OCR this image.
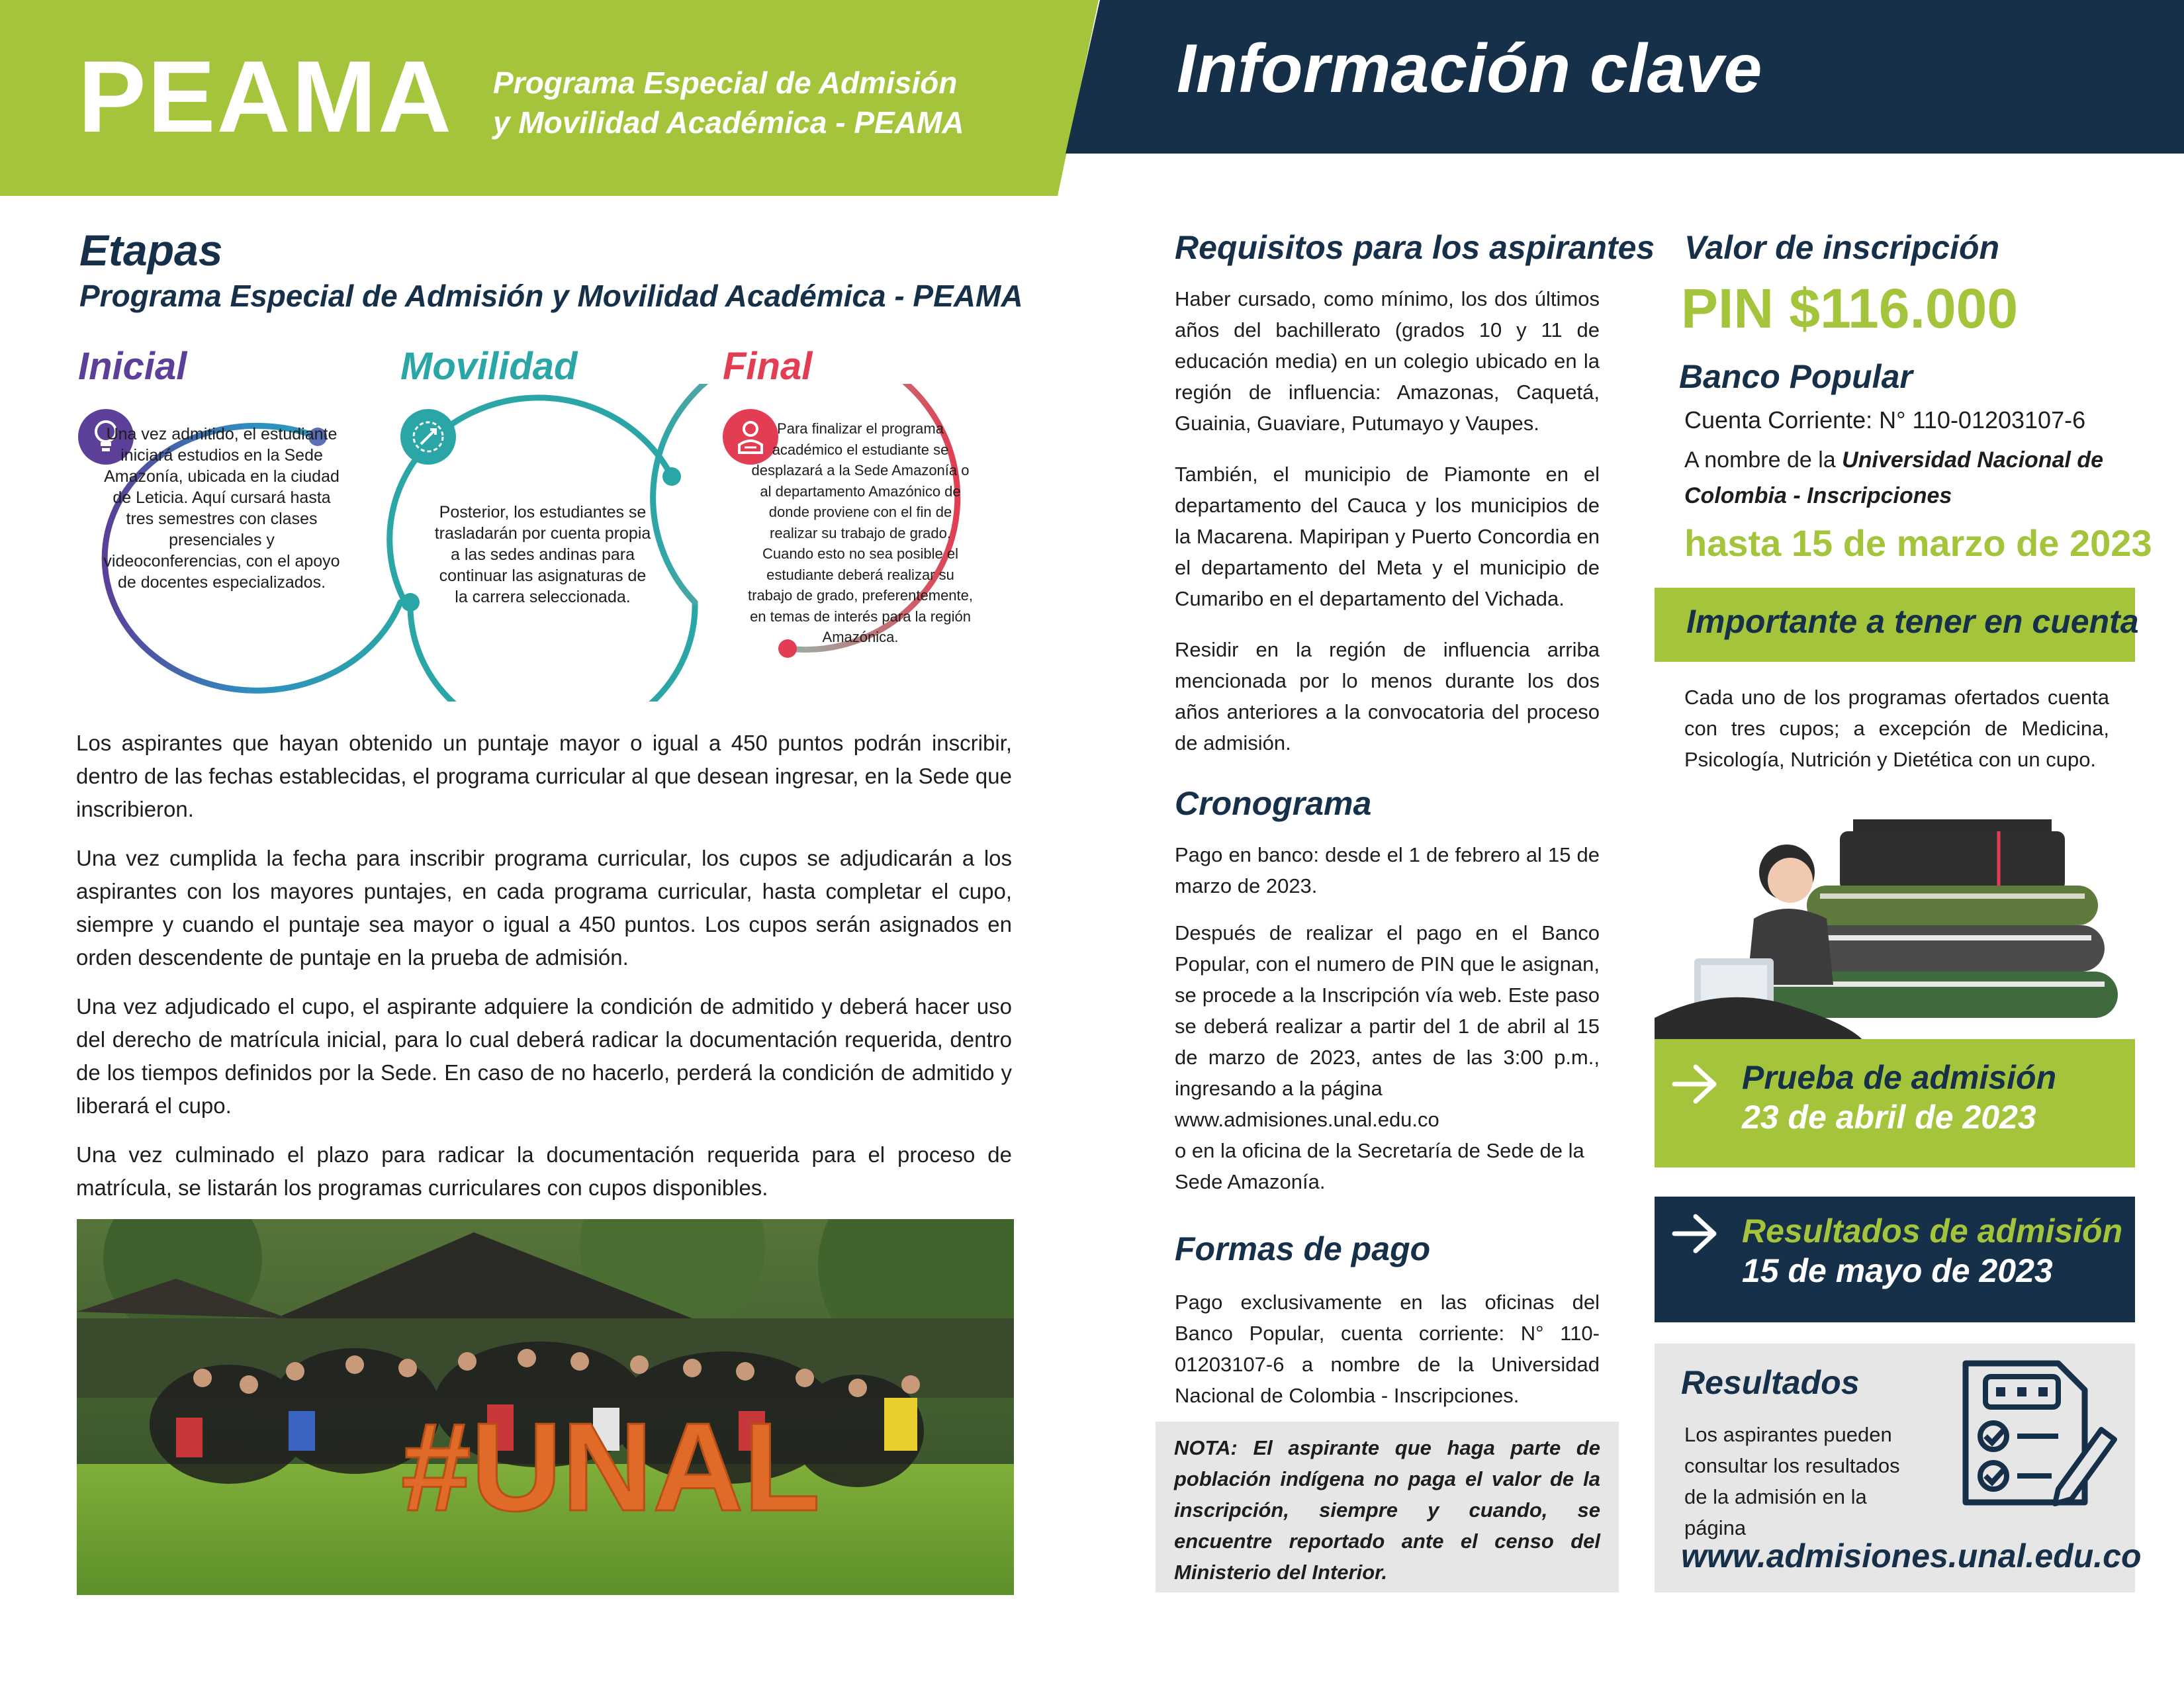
PEAMA Programa Especial de Admisión
y Movilidad Académica - PEAMA
Información clave
Etapas
Programa Especial de Admisión y Movilidad Académica - PEAMA
Inicial
Una vez admitido, el estudiante iniciará estudios en la Sede Amazonía, ubicada en la ciudad de Leticia. Aquí cursará hasta tres semestres con clases presenciales y videoconferencias, con el apoyo de docentes especializados.
Movilidad
Posterior, los estudiantes se trasladarán por cuenta propia a las sedes andinas para continuar las asignaturas de la carrera seleccionada.
Final
Para finalizar el programa académico el estudiante se desplazará a la Sede Amazonía o al departamento Amazónico de donde proviene con el fin de realizar su trabajo de grado. Cuando esto no sea posible el estudiante deberá realizar su trabajo de grado, preferentemente, en temas de interés para la región Amazónica.

Los aspirantes que hayan obtenido un puntaje mayor o igual a 450 puntos podrán inscribir, dentro de las fechas establecidas, el programa curricular al que desean ingresar, en la Sede que inscribieron.

Una vez cumplida la fecha para inscribir programa curricular, los cupos se adjudicarán a los aspirantes con los mayores puntajes, en cada programa curricular, hasta completar el cupo, siempre y cuando el puntaje sea mayor o igual a 450 puntos. Los cupos serán asignados en orden descendente de puntaje en la prueba de admisión.

Una vez adjudicado el cupo, el aspirante adquiere la condición de admitido y deberá hacer uso del derecho de matrícula inicial, para lo cual deberá radicar la documentación requerida, dentro de los tiempos definidos por la Sede. En caso de no hacerlo, perderá la condición de admitido y liberará el cupo.

Una vez culminado el plazo para radicar la documentación requerida para el proceso de matrícula, se listarán los programas curriculares con cupos disponibles.

#UNAL
Requisitos para los aspirantes

Haber cursado, como mínimo, los dos últimos años del bachillerato (grados 10 y 11 de educación media) en un colegio ubicado en la región de influencia: Amazonas, Caquetá, Guainia, Guaviare, Putumayo y Vaupes.

También, el municipio de Piamonte en el departamento del Cauca y los municipios de la Macarena. Mapiripan y Puerto Concordia en el departamento del Meta y el municipio de Cumaribo en el departamento del Vichada.

Residir en la región de influencia arriba mencionada por lo menos durante los dos años anteriores a la convocatoria del proceso de admisión.

Cronograma

Pago en banco: desde el 1 de febrero al 15 de marzo de 2023.

Después de realizar el pago en el Banco Popular, con el numero de PIN que le asignan, se procede a la Inscripción vía web. Este paso se deberá realizar a partir del 1 de abril al 15 de marzo de 2023, antes de las 3:00 p.m., ingresando a la página

www.admisiones.unal.edu.co

o en la oficina de la Secretaría de Sede de la Sede Amazonía.

Formas de pago

Pago exclusivamente en las oficinas del Banco Popular, cuenta corriente: N° 110-01203107-6 a nombre de la Universidad Nacional de Colombia - Inscripciones.

NOTA: El aspirante que haga parte de población indígena no paga el valor de la inscripción, siempre y cuando, se encuentre reportado ante el censo del Ministerio del Interior.

Valor de inscripción
PIN $116.000
Banco Popular
Cuenta Corriente: N° 110-01203107-6
A nombre de la Universidad Nacional de
Colombia - Inscripciones
hasta 15 de marzo de 2023
Importante a tener en cuenta

Cada uno de los programas ofertados cuenta con tres cupos; a excepción de Medicina, Psicología, Nutrición y Dietética con un cupo.

Prueba de admisión
23 de abril de 2023
Resultados de admisión
15 de mayo de 2023
Resultados
Los aspirantes pueden consultar los resultados de la admisión en la página
www.admisiones.unal.edu.co
